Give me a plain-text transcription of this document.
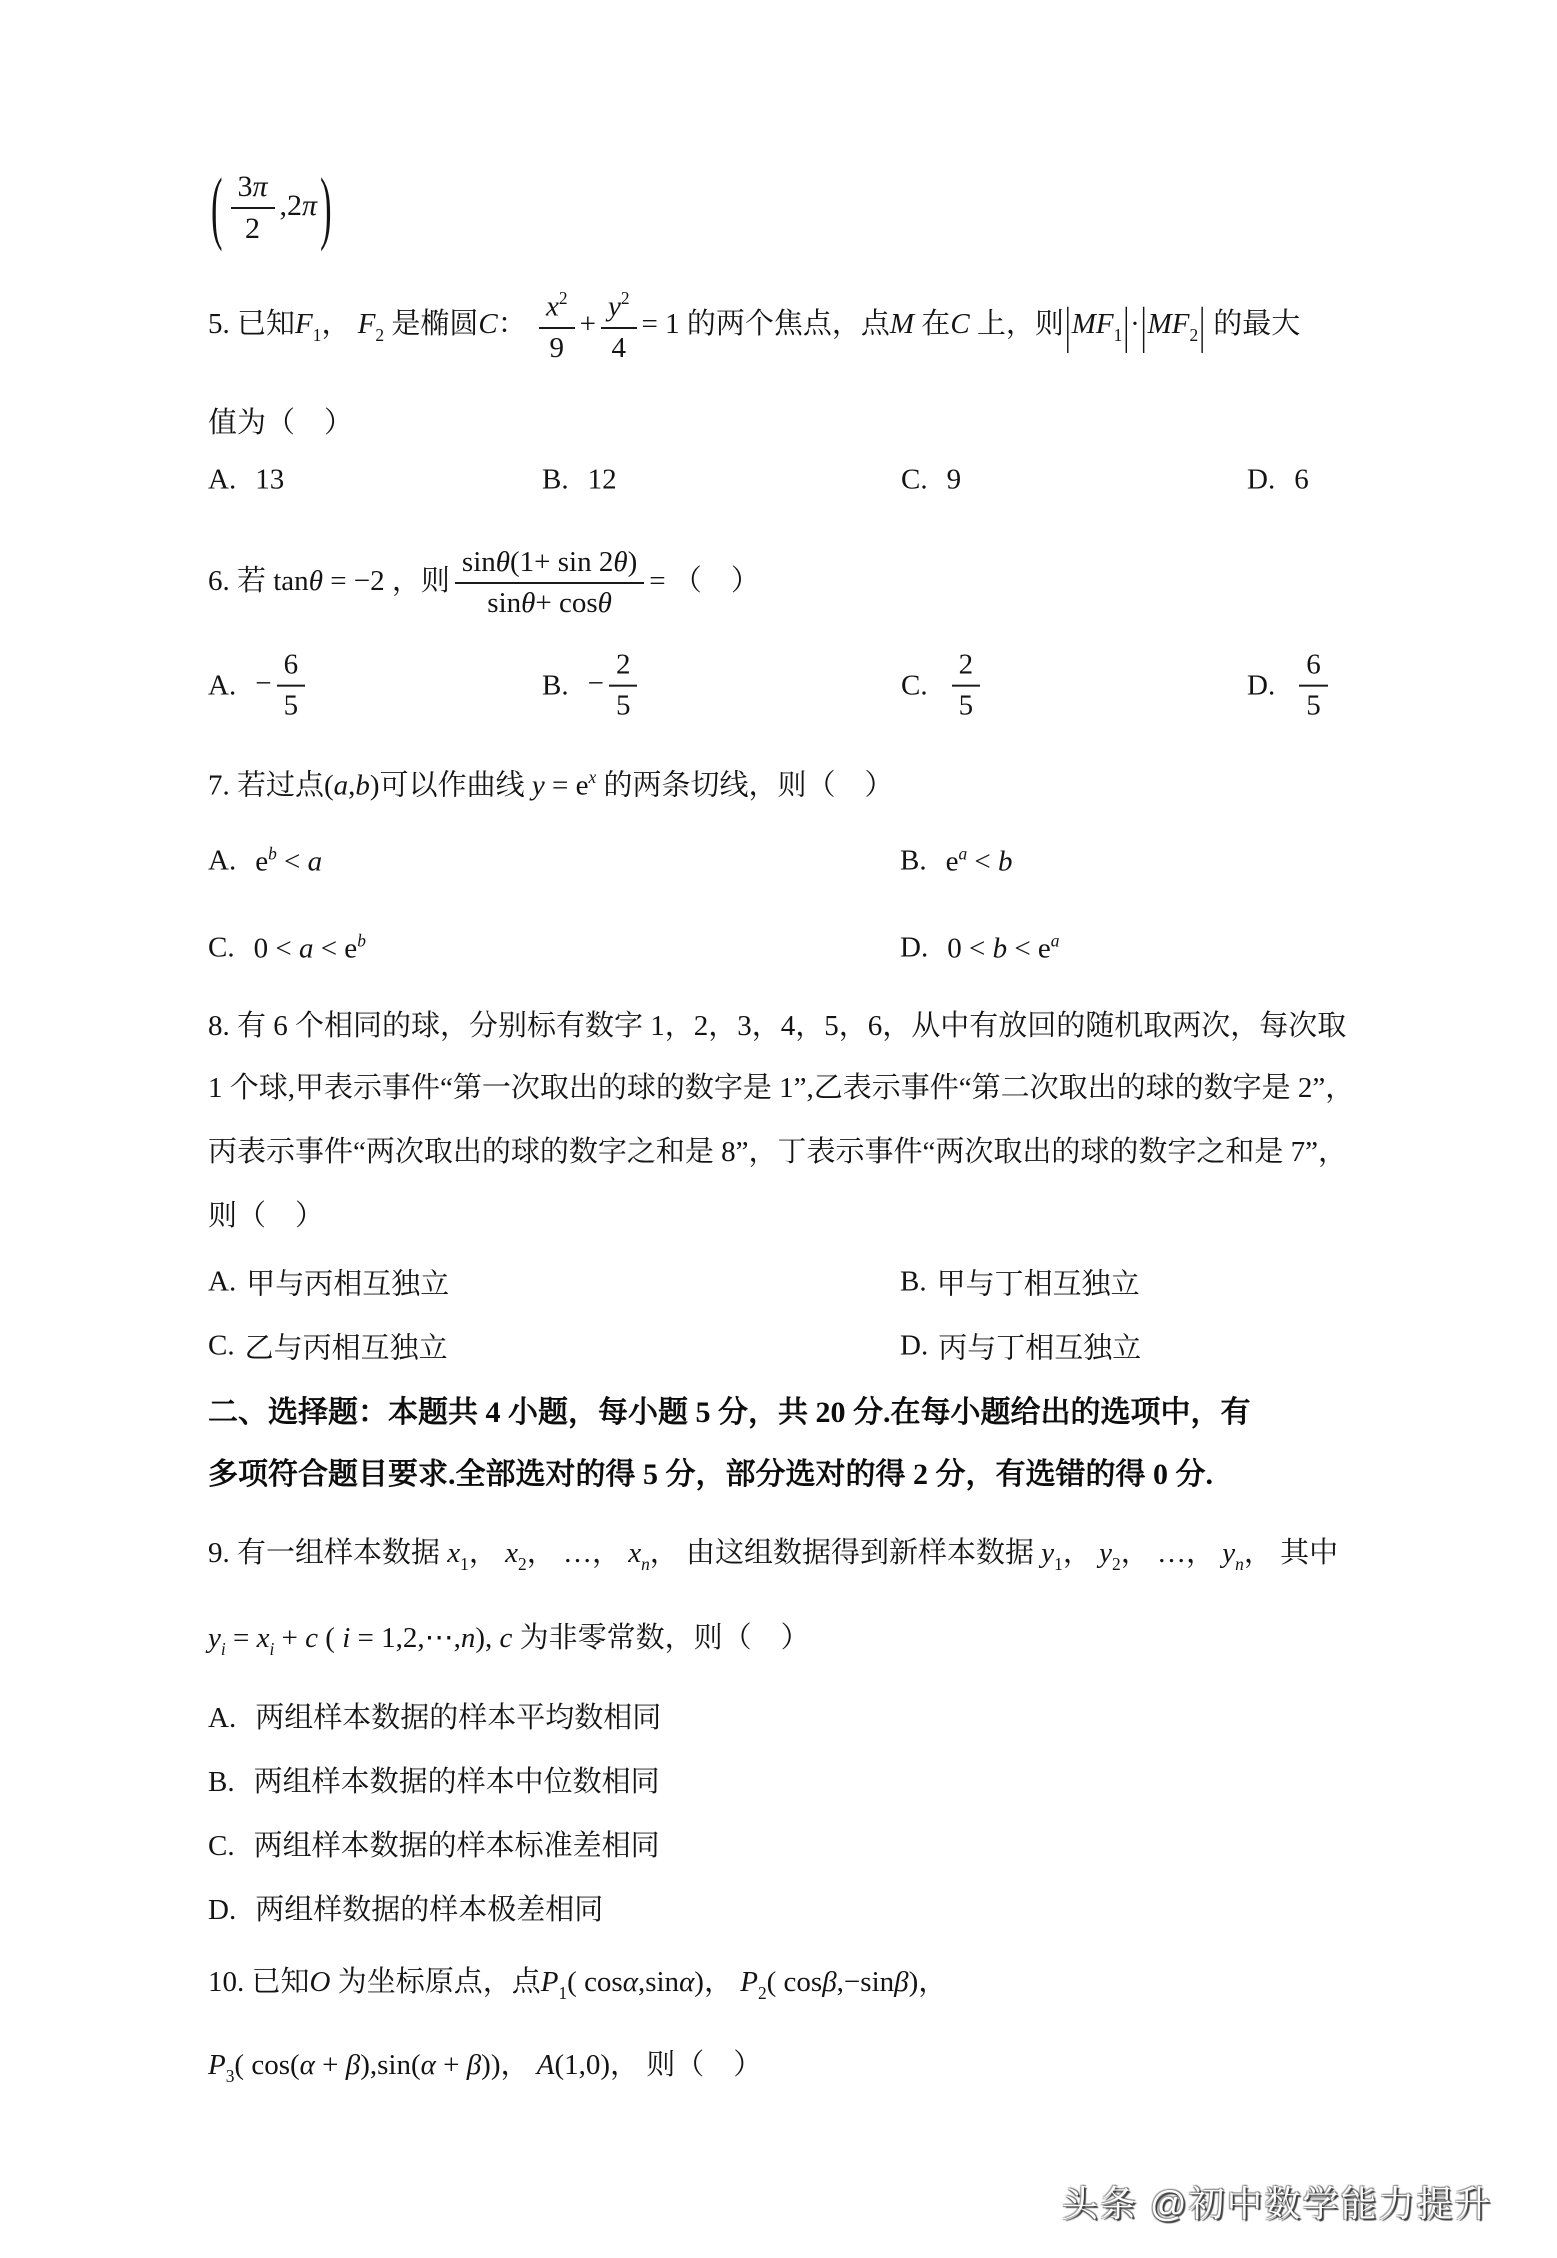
( $\frac{3\pi}{2} ,2\pi$)
5. 已知$F_1$， $F_2$ 是椭圆C： $\frac{x^2}{9} + \frac{y^2}{4} = 1$ 的两个焦点，点M 在C 上，则$|MF_1|\cdot|MF_2|$ 的最大
值为（　）
A. 13	B. 12	C. 9	D. 6
6. 若 tanθ = −2 ，则 $\frac{\sin\theta(1+ \sin 2\theta)}{\sin\theta+ \cos\theta}$ = （　）
A. − $\frac{6}{5}$	B. − $\frac{2}{5}$	C. $\frac{2}{5}$	D. $\frac{6}{5}$
7. 若过点(a,b)可以作曲线 $y = e^x$ 的两条切线，则（　）
A. $e^b < a$	B. $e^a < b$
C. $0 < a < e^b$	D. $0 < b < e^a$
8. 有 6 个相同的球，分别标有数字 1，2，3，4，5，6，从中有放回的随机取两次，每次取
1 个球,甲表示事件“第一次取出的球的数字是 1”,乙表示事件“第二次取出的球的数字是 2”，
丙表示事件“两次取出的球的数字之和是 8”，丁表示事件“两次取出的球的数字之和是 7”，
则（　）
A. 甲与丙相互独立	B. 甲与丁相互独立
C. 乙与丙相互独立	D. 丙与丁相互独立
二、选择题：本题共 4 小题，每小题 5 分，共 20 分.在每小题给出的选项中，有
多项符合题目要求.全部选对的得 5 分，部分选对的得 2 分，有选错的得 0 分.
9. 有一组样本数据 $x_1$， $x_2$， …， $x_n$， 由这组数据得到新样本数据 $y_1$， $y_2$， …， $y_n$， 其中
$y_i = x_i + c$ ( i = 1,2,⋯,n), c 为非零常数，则（　）
A. 两组样本数据的样本平均数相同
B. 两组样本数据的样本中位数相同
C. 两组样本数据的样本标准差相同
D. 两组样数据的样本极差相同
10. 已知O 为坐标原点，点$P_1$( cosα,sinα)， $P_2$( cosβ,−sinβ)，
$P_3$( cos(α + β),sin(α + β))， A(1,0)， 则（　）
头条 @初中数学能力提升
